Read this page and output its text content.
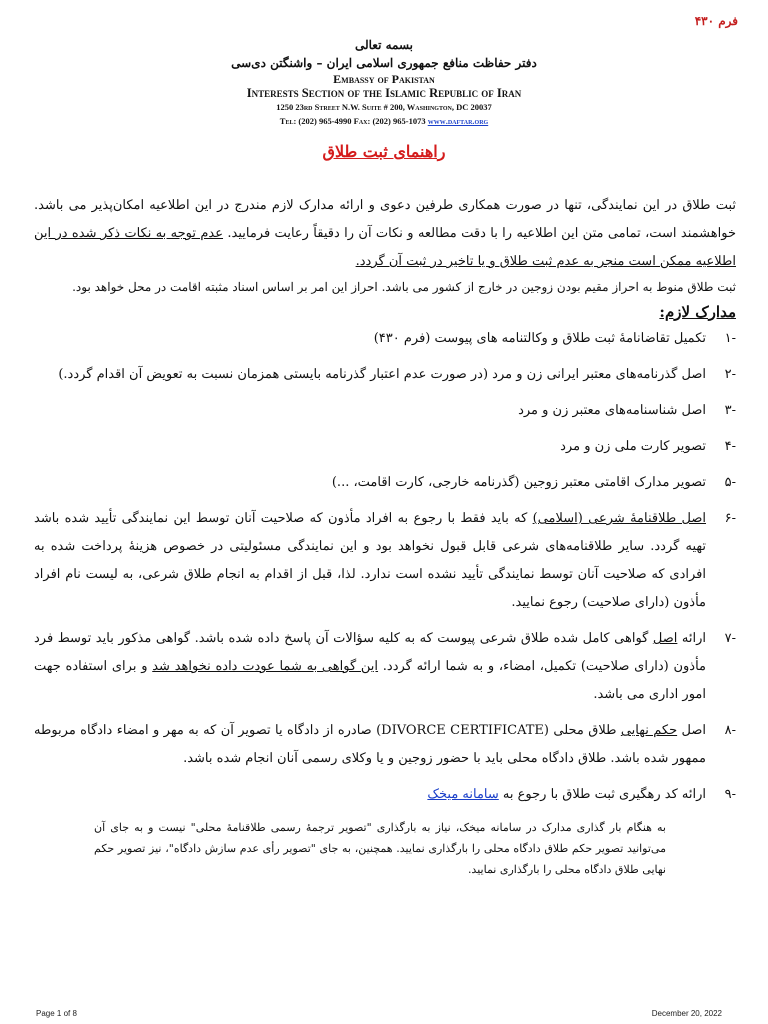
فرم ۴۳۰
بسمه تعالی
دفتر حفاظت منافع جمهوری اسلامی ایران – واشنگتن دی‌سی
Embassy of Pakistan
Interests Section of the Islamic Republic of Iran
1250 23rd Street N.W. Suite # 200, Washington, DC 20037
Tel: (202) 965-4990 Fax: (202) 965-1073 www.daftar.org
راهنمای ثبت طلاق
ثبت طلاق در این نمایندگی، تنها در صورت همکاری طرفین دعوی و ارائه مدارک لازم مندرج در این اطلاعیه امکان‌پذیر می باشد. خواهشمند است، تمامی متن این اطلاعیه را با دقت مطالعه و نکات آن را دقیقاً رعایت فرمایید. عدم توجه به نکات ذکر شده در این اطلاعیه ممکن است منجر به عدم ثبت طلاق و یا تاخیر در ثبت آن گردد.
ثبت طلاق منوط به احراز مقیم بودن زوجین در خارج از کشور می باشد. احراز این امر بر اساس اسناد مثبته اقامت در محل خواهد بود.
مدارک لازم:
-۱
تکمیل تقاضانامهٔ ثبت طلاق و وکالتنامه های پیوست (فرم ۴۳۰)
-۲
اصل گذرنامه‌های معتبر ایرانی زن و مرد (در صورت عدم اعتبار گذرنامه بایستی همزمان نسبت به تعویض آن اقدام گردد.)
-۳
اصل شناسنامه‌های معتبر زن و مرد
-۴
تصویر کارت ملی زن و مرد
-۵
تصویر مدارک اقامتی معتبر زوجین (گذرنامه خارجی، کارت اقامت، ...)
-۶
اصل طلاقنامهٔ شرعی (اسلامی) که باید فقط با رجوع به افراد مأذون که صلاحیت آنان توسط این نمایندگی تأیید شده باشد تهیه گردد. سایر طلاقنامه‌های شرعی قابل قبول نخواهد بود و این نمایندگی مسئولیتی در خصوص هزینهٔ پرداخت شده به افرادی که صلاحیت آنان توسط نمایندگی تأیید نشده است ندارد. لذا، قبل از اقدام به انجام طلاق شرعی، به لیست نام افراد مأذون (دارای صلاحیت) رجوع نمایید.
-۷
ارائه اصل گواهی کامل شده طلاق شرعی پیوست که به کلیه سؤالات آن پاسخ داده شده باشد. گواهی مذکور باید توسط فرد مأذون (دارای صلاحیت) تکمیل، امضاء، و به شما ارائه گردد. این گواهی به شما عودت داده نخواهد شد و برای استفاده جهت امور اداری می باشد.
-۸
اصل حکم نهایی طلاق محلی (DIVORCE CERTIFICATE) صادره از دادگاه یا تصویر آن که به مهر و امضاء دادگاه مربوطه ممهور شده باشد. طلاق دادگاه محلی باید با حضور زوجین و یا وکلای رسمی آنان انجام شده باشد.
-۹
ارائه کد رهگیری ثبت طلاق با رجوع به سامانه میخک
به هنگام بار گذاری مدارک در سامانه میخک، نیاز به بارگذاری "تصویر ترجمهٔ رسمی طلاقنامهٔ محلی" نیست و به جای آن می‌توانید تصویر حکم طلاق دادگاه محلی را بارگذاری نمایید. همچنین، به جای "تصویر رأی عدم سازش دادگاه"، نیز تصویر حکم نهایی طلاق دادگاه محلی را بارگذاری نمایید.
Page 1 of 8	December 20, 2022
